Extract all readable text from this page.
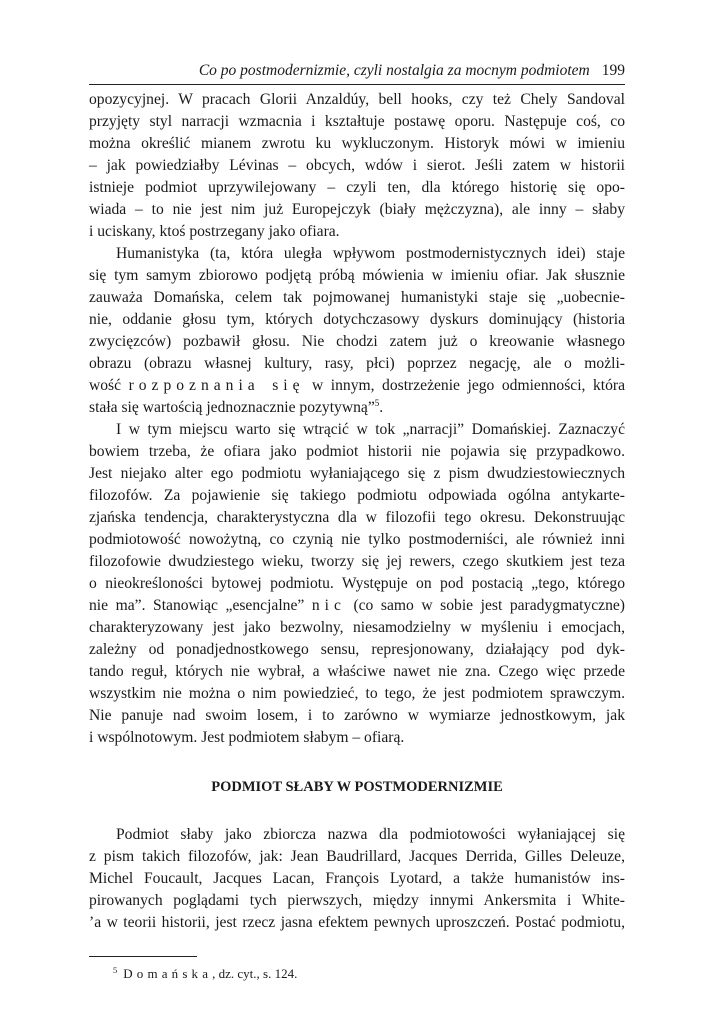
Co po postmodernizmie, czyli nostalgia za mocnym podmiotem 199

opozycyjnej. W pracach Glorii Anzaldúy, bell hooks, czy też Chely Sandoval
przyjęty styl narracji wzmacnia i kształtuje postawę oporu. Następuje coś, co
można określić mianem zwrotu ku wykluczonym. Historyk mówi w imieniu
– jak powiedziałby Lévinas – obcych, wdów i sierot. Jeśli zatem w historii
istnieje podmiot uprzywilejowany – czyli ten, dla którego historię się opo-
wiada – to nie jest nim już Europejczyk (biały mężczyzna), ale inny – słaby
i uciskany, ktoś postrzegany jako ofiara.

Humanistyka (ta, która uległa wpływom postmodernistycznych idei) staje
się tym samym zbiorowo podjętą próbą mówienia w imieniu ofiar. Jak słusznie
zauważa Domańska, celem tak pojmowanej humanistyki staje się „uobecnie-
nie, oddanie głosu tym, których dotychczasowy dyskurs dominujący (historia
zwycięzców) pozbawił głosu. Nie chodzi zatem już o kreowanie własnego
obrazu (obrazu własnej kultury, rasy, płci) poprzez negację, ale o możli-
wość rozpoznania się w innym, dostrzeżenie jego odmienności, która
stała się wartością jednoznacznie pozytywną”$^5$.

I w tym miejscu warto się wtrącić w tok „narracji” Domańskiej. Zaznaczyć
bowiem trzeba, że ofiara jako podmiot historii nie pojawia się przypadkowo.
Jest niejako alter ego podmiotu wyłaniającego się z pism dwudziestowiecznych
filozofów. Za pojawienie się takiego podmiotu odpowiada ogólna antykarte-
zjańska tendencja, charakterystyczna dla w filozofii tego okresu. Dekonstruując
podmiotowość nowożytną, co czynią nie tylko postmoderniści, ale również inni
filozofowie dwudziestego wieku, tworzy się jej rewers, czego skutkiem jest teza
o nieokreśloności bytowej podmiotu. Występuje on pod postacią „tego, którego
nie ma”. Stanowiąc „esencjalne” nic (co samo w sobie jest paradygmatyczne)
charakteryzowany jest jako bezwolny, niesamodzielny w myśleniu i emocjach,
zależny od ponadjednostkowego sensu, represjonowany, działający pod dyk-
tando reguł, których nie wybrał, a właściwe nawet nie zna. Czego więc przede
wszystkim nie można o nim powiedzieć, to tego, że jest podmiotem sprawczym.
Nie panuje nad swoim losem, i to zarówno w wymiarze jednostkowym, jak
i wspólnotowym. Jest podmiotem słabym – ofiarą.

PODMIOT SŁABY W POSTMODERNIZMIE

Podmiot słaby jako zbiorcza nazwa dla podmiotowości wyłaniającej się
z pism takich filozofów, jak: Jean Baudrillard, Jacques Derrida, Gilles Deleuze,
Michel Foucault, Jacques Lacan, François Lyotard, a także humanistów ins-
pirowanych poglądami tych pierwszych, między innymi Ankersmita i White-
’a w teorii historii, jest rzecz jasna efektem pewnych uproszczeń. Postać podmiotu,

$^5$ Domańska, dz. cyt., s. 124.
